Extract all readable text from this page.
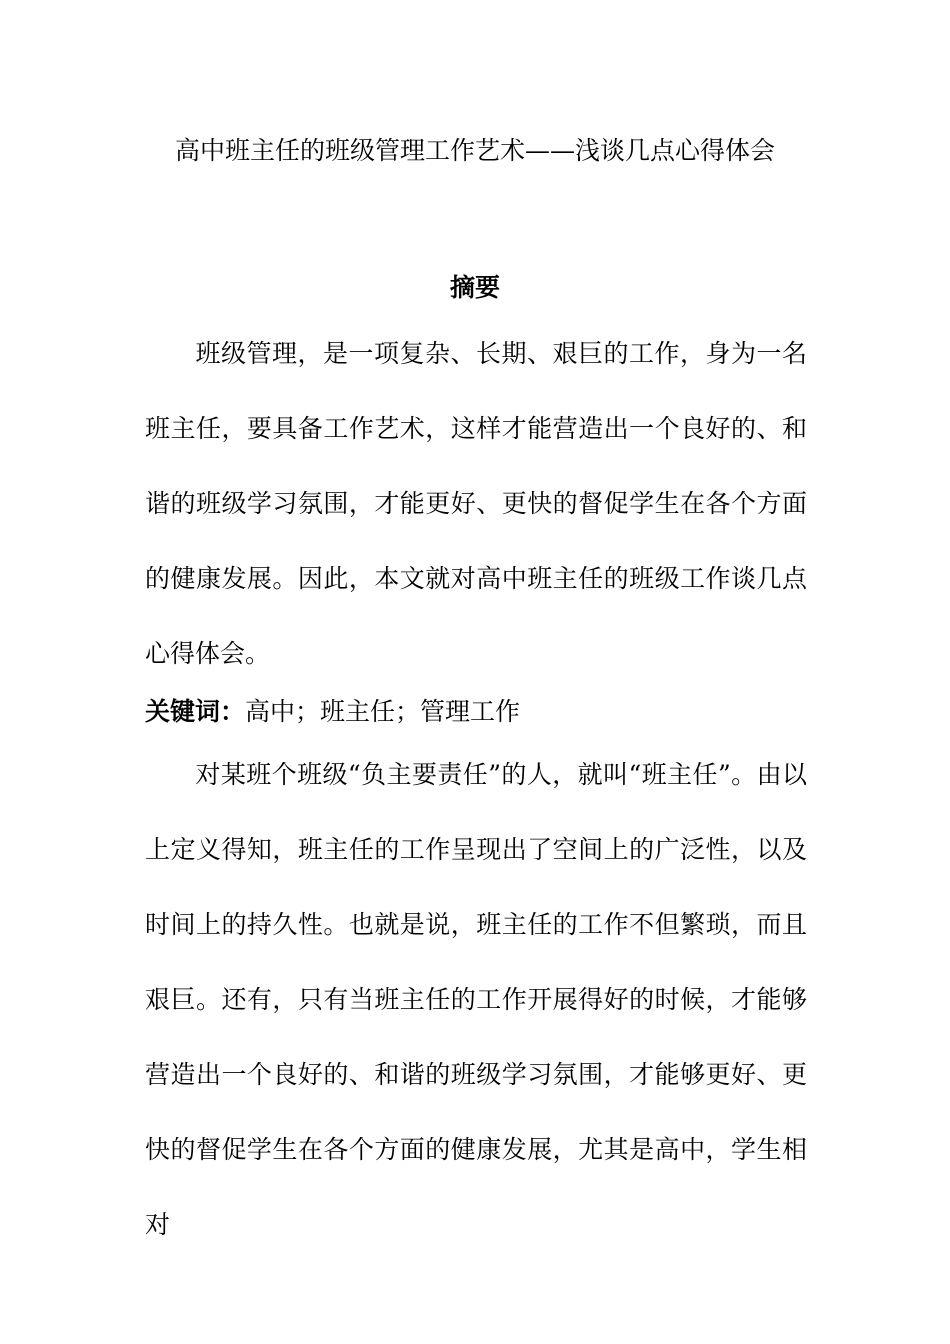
高中班主任的班级管理工作艺术——浅谈几点心得体会
摘要
班级管理，是一项复杂、长期、艰巨的工作，身为一名班主任，要具备工作艺术，这样才能营造出一个良好的、和谐的班级学习氛围，才能更好、更快的督促学生在各个方面的健康发展。因此，本文就对高中班主任的班级工作谈几点心得体会。
关键词：高中；班主任；管理工作
对某班个班级“负主要责任”的人，就叫“班主任”。由以上定义得知，班主任的工作呈现出了空间上的广泛性，以及时间上的持久性。也就是说，班主任的工作不但繁琐，而且艰巨。还有，只有当班主任的工作开展得好的时候，才能够营造出一个良好的、和谐的班级学习氛围，才能够更好、更快的督促学生在各个方面的健康发展，尤其是高中，学生相对
